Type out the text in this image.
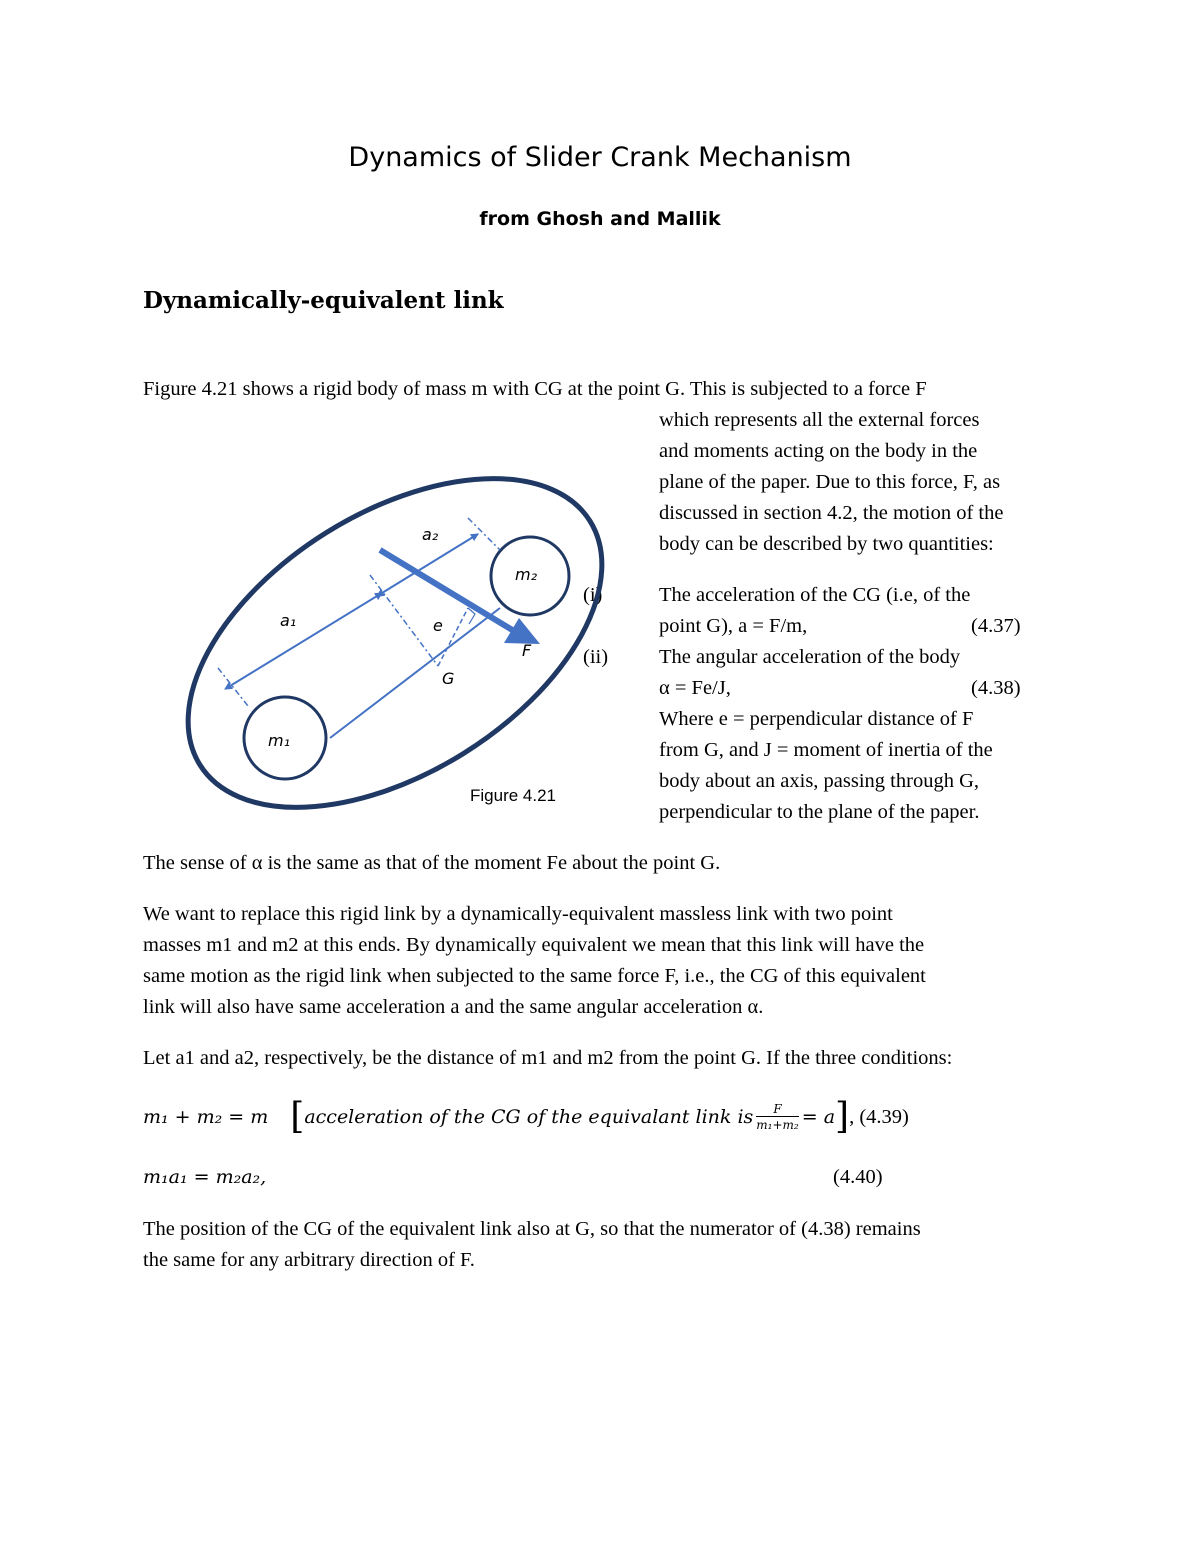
Dynamics of Slider Crank Mechanism
from Ghosh and Mallik
Dynamically-equivalent link
Figure 4.21 shows a rigid body of mass m with CG at the point G. This is subjected to a force F
which represents all the external forces
and moments acting on the body in the
plane of the paper. Due to this force, F, as
discussed in section 4.2, the motion of the
body can be described by two quantities:
(i)	The acceleration of the CG (i.e, of the
point G), a = F/m,	(4.37)
(ii) The angular acceleration of the body
α = Fe/J,	(4.38)
Where e = perpendicular distance of F
from G, and J = moment of inertia of the
body about an axis, passing through G,
perpendicular to the plane of the paper.
a₂
a₁	e
G
F
m₁
m₂
Figure 4.21
The sense of α is the same as that of the moment Fe about the point G.
We want to replace this rigid link by a dynamically-equivalent massless link with two point
masses m1 and m2 at this ends. By dynamically equivalent we mean that this link will have the
same motion as the rigid link when subjected to the same force F, i.e., the CG of this equivalent
link will also have same acceleration a and the same angular acceleration α.
Let a1 and a2, respectively, be the distance of m1 and m2 from the point G. If the three conditions:
m₁ + m₂ = m [ acceleration of the CG of the equivalant link is $\frac{F}{\text{m₁+m₂}} = a$ ] , (4.39)
m₁a₁ = m₂a₂,	(4.40)
The position of the CG of the equivalent link also at G, so that the numerator of (4.38) remains
the same for any arbitrary direction of F.
